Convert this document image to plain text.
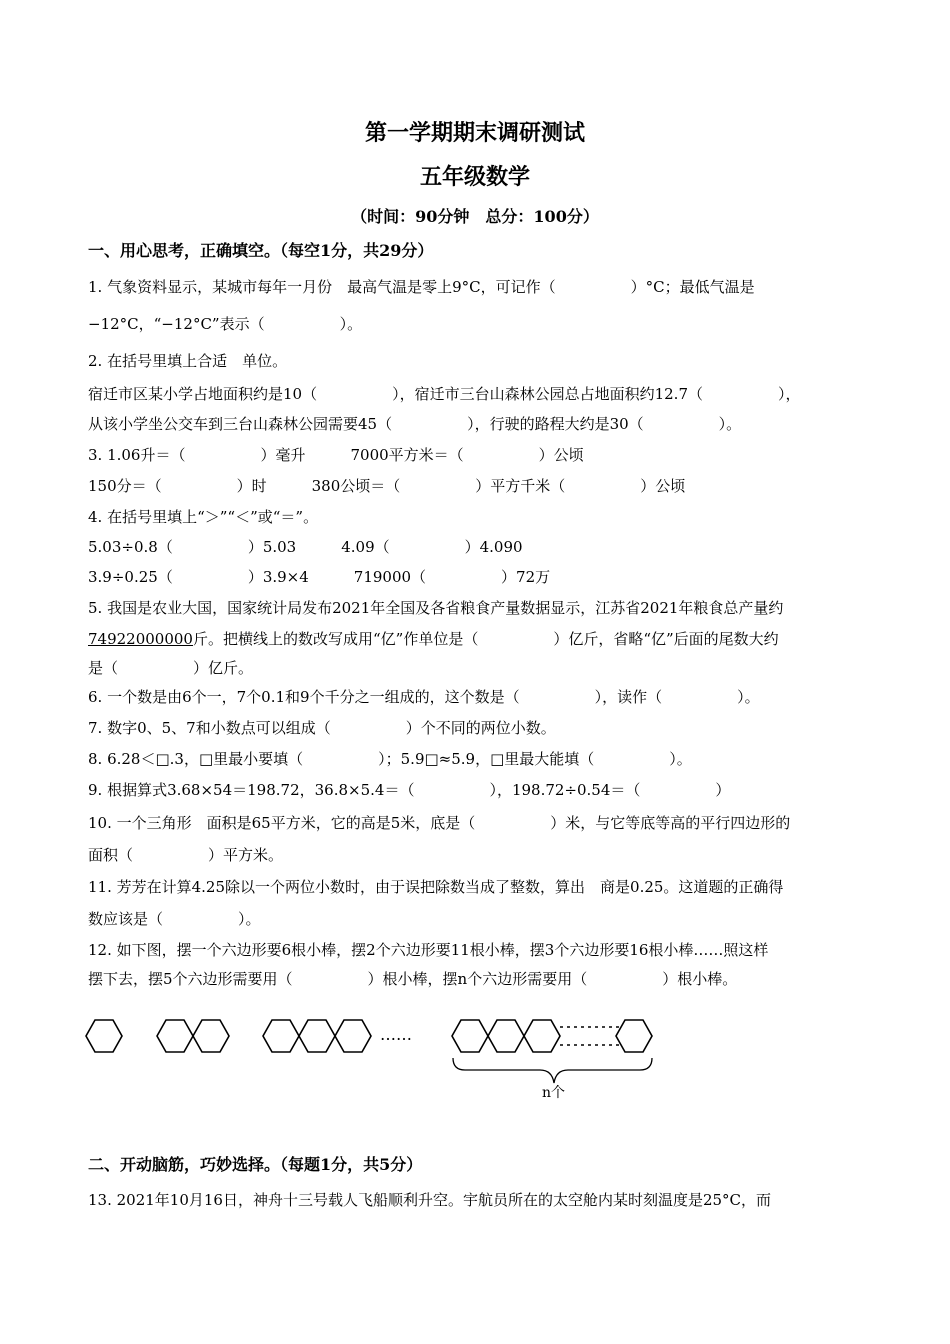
第一学期期末调研测试
五年级数学
（时间：90分钟　总分：100分）
一、用心思考，正确填空。（每空1分，共29分）
1. 气象资料显示，某城市每年一月份　最高气温是零上9°C，可记作（　　　　　）°C；最低气温是
−12°C，“−12°C”表示（　　　　　）。
2. 在括号里填上合适　单位。
宿迁市区某小学占地面积约是10（　　　　　），宿迁市三台山森林公园总占地面积约12.7（　　　　　），
从该小学坐公交车到三台山森林公园需要45（　　　　　），行驶的路程大约是30（　　　　　）。
3. 1.06升＝（　　　　　）毫升　　　7000平方米＝（　　　　　）公顷
150分＝（　　　　　）时　　　380公顷＝（　　　　　）平方千米（　　　　　）公顷
4. 在括号里填上“＞”“＜”或“＝”。
5.03÷0.8（　　　　　）5.03　　　4.09（　　　　　）4.090
3.9÷0.25（　　　　　）3.9×4　　　719000（　　　　　）72万
5. 我国是农业大国，国家统计局发布2021年全国及各省粮食产量数据显示，江苏省2021年粮食总产量约
74922000000斤。把横线上的数改写成用“亿”作单位是（　　　　　）亿斤，省略“亿”后面的尾数大约
是（　　　　　）亿斤。
6. 一个数是由6个一，7个0.1和9个千分之一组成的，这个数是（　　　　　），读作（　　　　　）。
7. 数字0、5、7和小数点可以组成（　　　　　）个不同的两位小数。
8. 6.28＜□.3，□里最小要填（　　　　　）；5.9□≈5.9，□里最大能填（　　　　　）。
9. 根据算式3.68×54＝198.72，36.8×5.4＝（　　　　　），198.72÷0.54＝（　　　　　）
10. 一个三角形　面积是65平方米，它的高是5米，底是（　　　　　）米，与它等底等高的平行四边形的
面积（　　　　　）平方米。
11. 芳芳在计算4.25除以一个两位小数时，由于误把除数当成了整数，算出　商是0.25。这道题的正确得
数应该是（　　　　　）。
12. 如下图，摆一个六边形要6根小棒，摆2个六边形要11根小棒，摆3个六边形要16根小棒……照这样
摆下去，摆5个六边形需要用（　　　　　）根小棒，摆n个六边形需要用（　　　　　）根小棒。
……
n个
二、开动脑筋，巧妙选择。（每题1分，共5分）
13. 2021年10月16日，神舟十三号载人飞船顺利升空。宇航员所在的太空舱内某时刻温度是25°C，而
